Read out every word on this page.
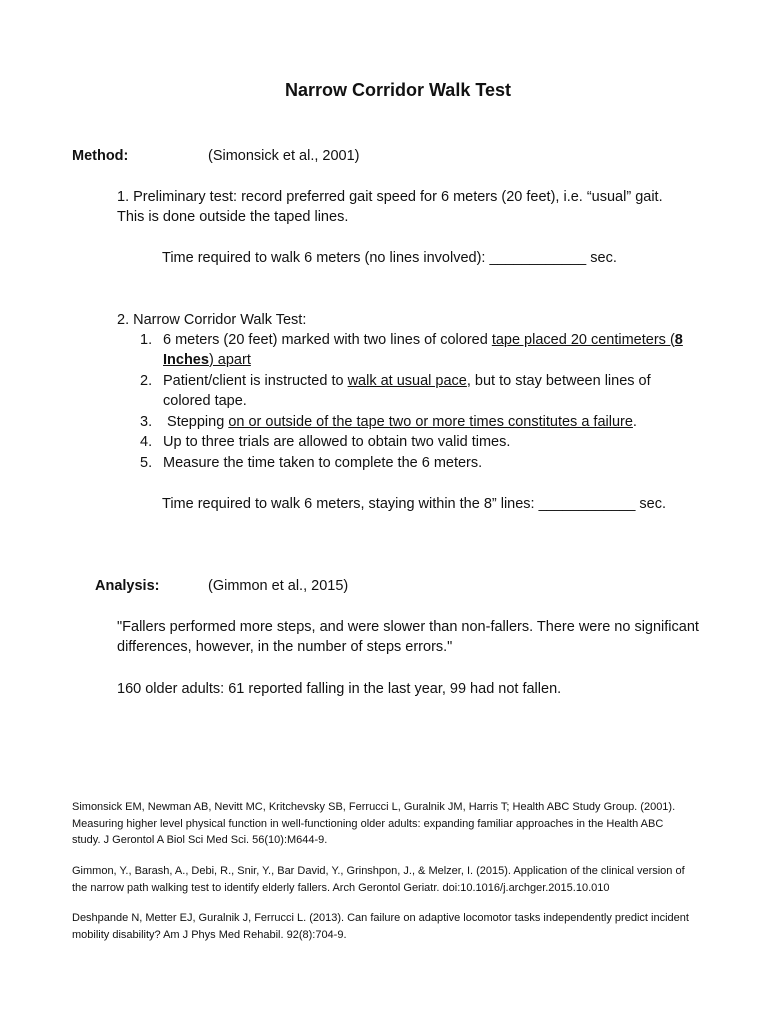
Narrow Corridor Walk Test
Method:	(Simonsick et al., 2001)
1. Preliminary test: record preferred gait speed for 6 meters (20 feet), i.e. “usual” gait.
This is done outside the taped lines.
Time required to walk 6 meters (no lines involved): ____________ sec.
2. Narrow Corridor Walk Test:
1. 6 meters (20 feet) marked with two lines of colored tape placed 20 centimeters (8
Inches) apart
2. Patient/client is instructed to walk at usual pace, but to stay between lines of
colored tape.
3. Stepping on or outside of the tape two or more times constitutes a failure.
4. Up to three trials are allowed to obtain two valid times.
5. Measure the time taken to complete the 6 meters.
Time required to walk 6 meters, staying within the 8” lines: ____________ sec.
Analysis:	(Gimmon et al., 2015)
"Fallers performed more steps, and were slower than non-fallers. There were no significant
differences, however, in the number of steps errors."
160 older adults: 61 reported falling in the last year, 99 had not fallen.
Simonsick EM, Newman AB, Nevitt MC, Kritchevsky SB, Ferrucci L, Guralnik JM, Harris T; Health ABC Study Group. (2001).
Measuring higher level physical function in well-functioning older adults: expanding familiar approaches in the Health ABC
study. J Gerontol A Biol Sci Med Sci. 56(10):M644-9.
Gimmon, Y., Barash, A., Debi, R., Snir, Y., Bar David, Y., Grinshpon, J., & Melzer, I. (2015). Application of the clinical version of
the narrow path walking test to identify elderly fallers. Arch Gerontol Geriatr. doi:10.1016/j.archger.2015.10.010
Deshpande N, Metter EJ, Guralnik J, Ferrucci L. (2013). Can failure on adaptive locomotor tasks independently predict incident
mobility disability? Am J Phys Med Rehabil. 92(8):704-9.
